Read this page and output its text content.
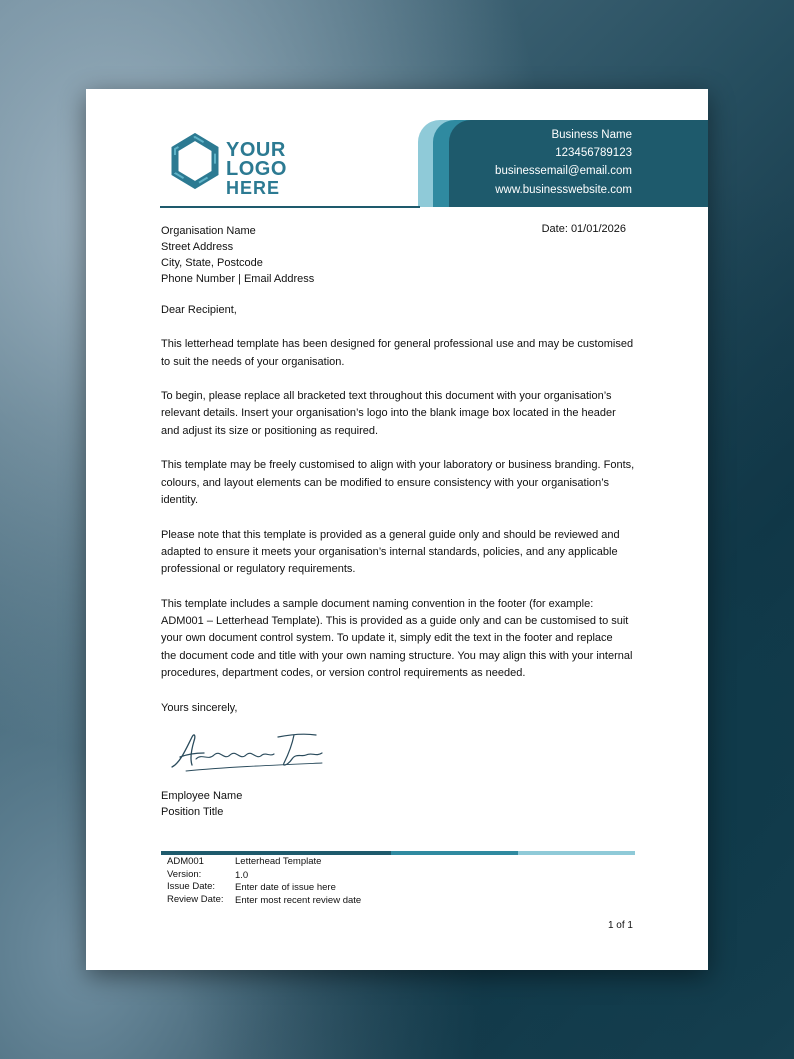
YOUR LOGO
HERE
Business Name
123456789123
businessemail@email.com
www.businesswebsite.com
Organisation Name
Street Address
City, State, Postcode
Phone Number | Email Address
Date: 01/01/2026

Dear Recipient,

This letterhead template has been designed for general professional use and may be customised

to suit the needs of your organisation.

To begin, please replace all bracketed text throughout this document with your organisation’s

relevant details. Insert your organisation’s logo into the blank image box located in the header

and adjust its size or positioning as required.

This template may be freely customised to align with your laboratory or business branding. Fonts,

colours, and layout elements can be modified to ensure consistency with your organisation’s

identity.

Please note that this template is provided as a general guide only and should be reviewed and

adapted to ensure it meets your organisation’s internal standards, policies, and any applicable

professional or regulatory requirements.

This template includes a sample document naming convention in the footer (for example:

ADM001 – Letterhead Template). This is provided as a guide only and can be customised to suit

your own document control system. To update it, simply edit the text in the footer and replace

the document code and title with your own naming structure. You may align this with your internal

procedures, department codes, or version control requirements as needed.

Yours sincerely,

Employee Name
Position Title
ADM001	Letterhead Template
Version:	1.0
Issue Date: Enter date of issue here
Review Date: Enter most recent review date
1 of 1
